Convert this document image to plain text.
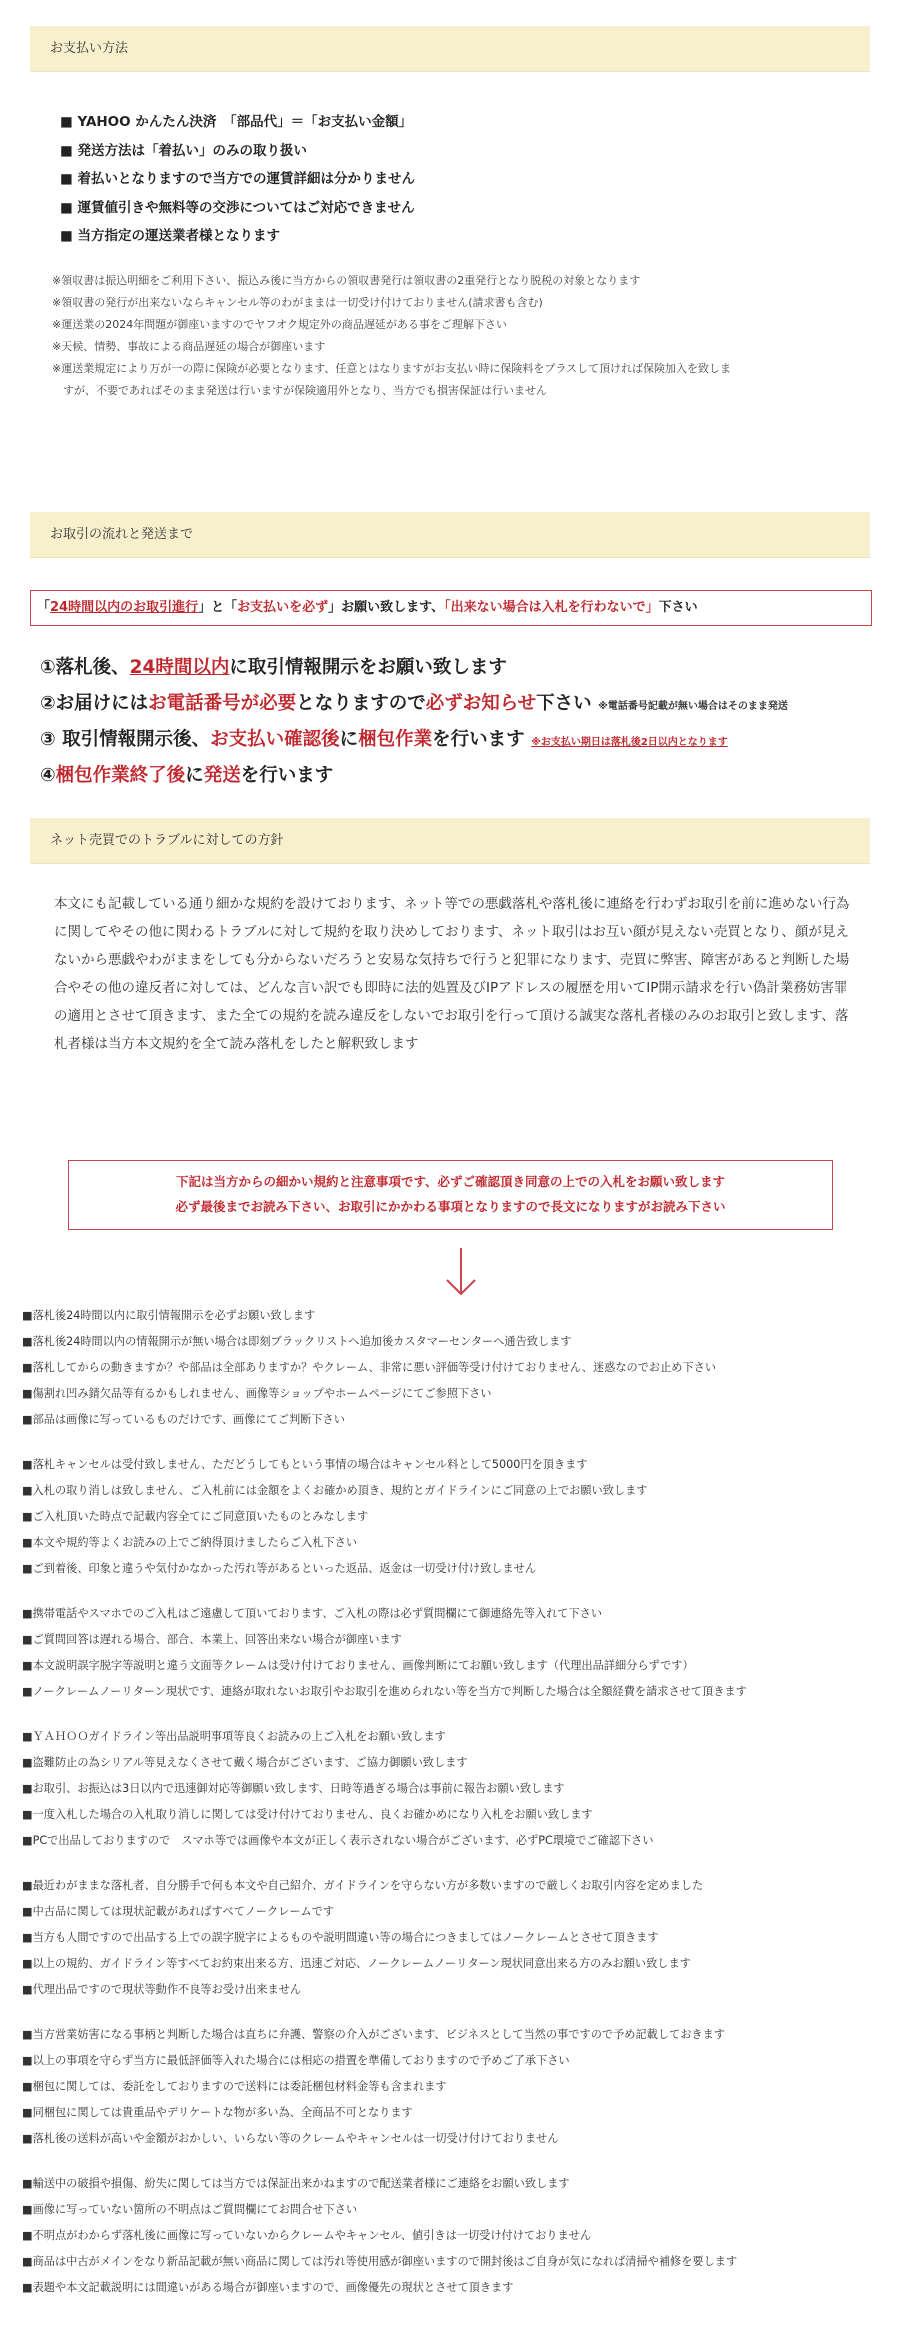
お支払い方法
■ YAHOO かんたん決済　「部品代」＝「お支払い金額」
■ 発送方法は「着払い」のみの取り扱い
■ 着払いとなりますので当方での運賃詳細は分かりません
■ 運賃値引きや無料等の交渉についてはご対応できません
■ 当方指定の運送業者様となります
※領収書は振込明細をご利用下さい、振込み後に当方からの領収書発行は領収書の2重発行となり脱税の対象となります
※領収書の発行が出来ないならキャンセル等のわがままは一切受け付けておりません(請求書も含む)
※運送業の2024年問題が御座いますのでヤフオク規定外の商品遅延がある事をご理解下さい
※天候、情勢、事故による商品遅延の場合が御座います
※運送業規定により万が一の際に保険が必要となります、任意とはなりますがお支払い時に保険料をプラスして頂ければ保険加入を致しま
　すが、不要であればそのまま発送は行いますが保険適用外となり、当方でも損害保証は行いません
お取引の流れと発送まで
「24時間以内のお取引進行」と「お支払いを必ず」お願い致します、「出来ない場合は入札を行わないで」下さい
①落札後、24時間以内に取引情報開示をお願い致します
②お届けにはお電話番号が必要となりますので必ずお知らせ下さい ※電話番号記載が無い場合はそのまま発送
③ 取引情報開示後、お支払い確認後に梱包作業を行います ※お支払い期日は落札後2日以内となります
④梱包作業終了後に発送を行います
ネット売買でのトラブルに対しての方針
本文にも記載している通り細かな規約を設けております、ネット等での悪戯落札や落札後に連絡を行わずお取引を前に進めない行為に関してやその他に関わるトラブルに対して規約を取り決めしております、ネット取引はお互い顔が見えない売買となり、顔が見えないから悪戯やわがままをしても分からないだろうと安易な気持ちで行うと犯罪になります、売買に弊害、障害があると判断した場合やその他の違反者に対しては、どんな言い訳でも即時に法的処置及びIPアドレスの履歴を用いてIP開示請求を行い偽計業務妨害罪の適用とさせて頂きます、また全ての規約を読み違反をしないでお取引を行って頂ける誠実な落札者様のみのお取引と致します、落札者様は当方本文規約を全て読み落札をしたと解釈致します
下記は当方からの細かい規約と注意事項です、必ずご確認頂き同意の上での入札をお願い致します
必ず最後までお読み下さい、お取引にかかわる事項となりますので長文になりますがお読み下さい
■落札後24時間以内に取引情報開示を必ずお願い致します
■落札後24時間以内の情報開示が無い場合は即刻ブラックリストへ追加後カスタマーセンターへ通告致します
■落札してからの動きますか？や部品は全部ありますか？やクレーム、非常に悪い評価等受け付けておりません、迷惑なのでお止め下さい
■傷割れ凹み錆欠品等有るかもしれません、画像等ショップやホームページにてご参照下さい
■部品は画像に写っているものだけです、画像にてご判断下さい
■落札キャンセルは受付致しません、ただどうしてもという事情の場合はキャンセル料として5000円を頂きます
■入札の取り消しは致しません、ご入札前には金額をよくお確かめ頂き、規約とガイドラインにご同意の上でお願い致します
■ご入札頂いた時点で記載内容全てにご同意頂いたものとみなします
■本文や規約等よくお読みの上でご納得頂けましたらご入札下さい
■ご到着後、印象と違うや気付かなかった汚れ等があるといった返品、返金は一切受け付け致しません
■携帯電話やスマホでのご入札はご遠慮して頂いております、ご入札の際は必ず質問欄にて御連絡先等入れて下さい
■ご質問回答は遅れる場合、部合、本業上、回答出来ない場合が御座います
■本文説明誤字脱字等説明と違う文面等クレームは受け付けておりません、画像判断にてお願い致します（代理出品詳細分らずです）
■ノークレームノーリターン現状です、連絡が取れないお取引やお取引を進められない等を当方で判断した場合は全額経費を請求させて頂きます
■ＹＡＨＯＯガイドライン等出品説明事項等良くお読みの上ご入札をお願い致します
■盗難防止の為シリアル等見えなくさせて戴く場合がございます、ご協力御願い致します
■お取引、お振込は3日以内で迅速御対応等御願い致します、日時等過ぎる場合は事前に報告お願い致します
■一度入札した場合の入札取り消しに関しては受け付けておりません、良くお確かめになり入札をお願い致します
■PCで出品しておりますので　スマホ等では画像や本文が正しく表示されない場合がございます、必ずPC環境でご確認下さい
■最近わがままな落札者、自分勝手で何も本文や自己紹介、ガイドラインを守らない方が多数いますので厳しくお取引内容を定めました
■中古品に関しては現状記載があればすべてノークレームです
■当方も人間ですので出品する上での誤字脱字によるものや説明間違い等の場合につきましてはノークレームとさせて頂きます
■以上の規約、ガイドライン等すべてお約束出来る方、迅速ご対応、ノークレームノーリターン現状同意出来る方のみお願い致します
■代理出品ですので現状等動作不良等お受け出来ません
■当方営業妨害になる事柄と判断した場合は直ちに弁護、警察の介入がございます、ビジネスとして当然の事ですので予め記載しておきます
■以上の事項を守らず当方に最低評価等入れた場合には相応の措置を準備しておりますので予めご了承下さい
■梱包に関しては、委託をしておりますので送料には委託梱包材料金等も含まれます
■同梱包に関しては貴重品やデリケートな物が多い為、全商品不可となります
■落札後の送料が高いや金額がおかしい、いらない等のクレームやキャンセルは一切受け付けておりません
■輸送中の破損や損傷、紛失に関しては当方では保証出来かねますので配送業者様にご連絡をお願い致します
■画像に写っていない箇所の不明点はご質問欄にてお問合せ下さい
■不明点がわからず落札後に画像に写っていないからクレームやキャンセル、値引きは一切受け付けておりません
■商品は中古がメインをなり新品記載が無い商品に関しては汚れ等使用感が御座いますので開封後はご自身が気になれば清掃や補修を要します
■表題や本文記載説明には間違いがある場合が御座いますので、画像優先の現状とさせて頂きます
